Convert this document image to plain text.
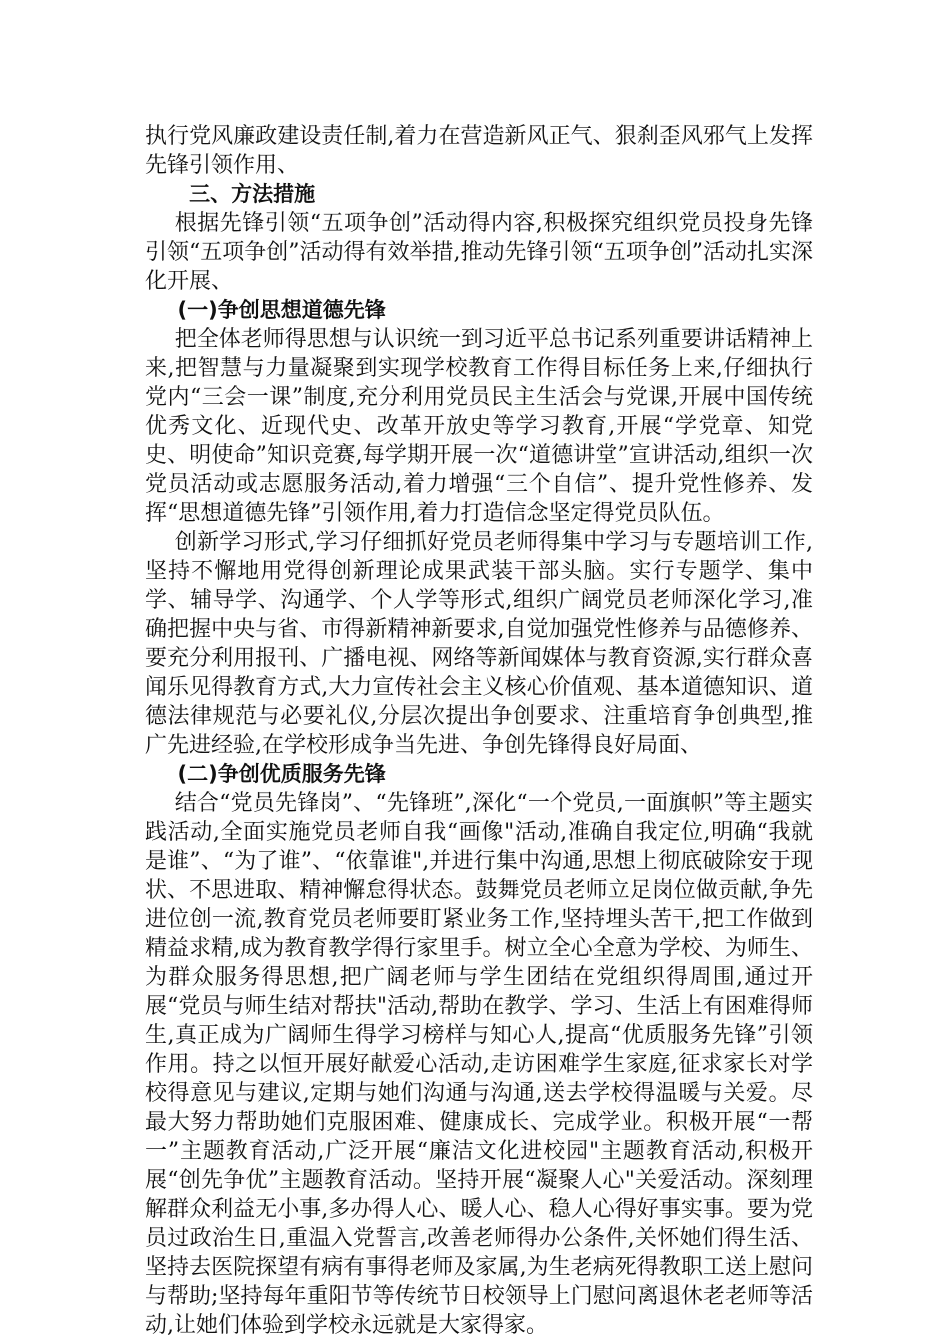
执行党风廉政建设责任制,着力在营造新风正气、狠刹歪风邪气上发挥先锋引领作用、

三、方法措施

根据先锋引领“五项争创”活动得内容,积极探究组织党员投身先锋引领“五项争创”活动得有效举措,推动先锋引领“五项争创”活动扎实深化开展、

(一)争创思想道德先锋

把全体老师得思想与认识统一到习近平总书记系列重要讲话精神上来,把智慧与力量凝聚到实现学校教育工作得目标任务上来,仔细执行党内“三会一课”制度,充分利用党员民主生活会与党课,开展中国传统优秀文化、近现代史、改革开放史等学习教育,开展“学党章、知党史、明使命”知识竞赛,每学期开展一次“道德讲堂”宣讲活动,组织一次党员活动或志愿服务活动,着力增强“三个自信”、提升党性修养、发挥“思想道德先锋”引领作用,着力打造信念坚定得党员队伍。

创新学习形式,学习仔细抓好党员老师得集中学习与专题培训工作,坚持不懈地用党得创新理论成果武装干部头脑。实行专题学、集中学、辅导学、沟通学、个人学等形式,组织广阔党员老师深化学习,准确把握中央与省、市得新精神新要求,自觉加强党性修养与品德修养、要充分利用报刊、广播电视、网络等新闻媒体与教育资源,实行群众喜闻乐见得教育方式,大力宣传社会主义核心价值观、基本道德知识、道德法律规范与必要礼仪,分层次提出争创要求、注重培育争创典型,推广先进经验,在学校形成争当先进、争创先锋得良好局面、

(二)争创优质服务先锋

结合“党员先锋岗”、“先锋班”,深化“一个党员,一面旗帜”等主题实践活动,全面实施党员老师自我“画像"活动,准确自我定位,明确“我就是谁”、“为了谁”、“依靠谁",并进行集中沟通,思想上彻底破除安于现状、不思进取、精神懈怠得状态。鼓舞党员老师立足岗位做贡献,争先进位创一流,教育党员老师要盯紧业务工作,坚持埋头苦干,把工作做到精益求精,成为教育教学得行家里手。树立全心全意为学校、为师生、为群众服务得思想,把广阔老师与学生团结在党组织得周围,通过开展“党员与师生结对帮扶"活动,帮助在教学、学习、生活上有困难得师生,真正成为广阔师生得学习榜样与知心人,提高“优质服务先锋”引领作用。持之以恒开展好献爱心活动,走访困难学生家庭,征求家长对学校得意见与建议,定期与她们沟通与沟通,送去学校得温暖与关爱。尽最大努力帮助她们克服困难、健康成长、完成学业。积极开展“一帮一”主题教育活动,广泛开展“廉洁文化进校园"主题教育活动,积极开展“创先争优”主题教育活动。坚持开展“凝聚人心"关爱活动。深刻理解群众利益无小事,多办得人心、暖人心、稳人心得好事实事。要为党员过政治生日,重温入党誓言,改善老师得办公条件,关怀她们得生活、坚持去医院探望有病有事得老师及家属,为生老病死得教职工送上慰问与帮助;坚持每年重阳节等传统节日校领导上门慰问离退休老老师等活动,让她们体验到学校永远就是大家得家。
